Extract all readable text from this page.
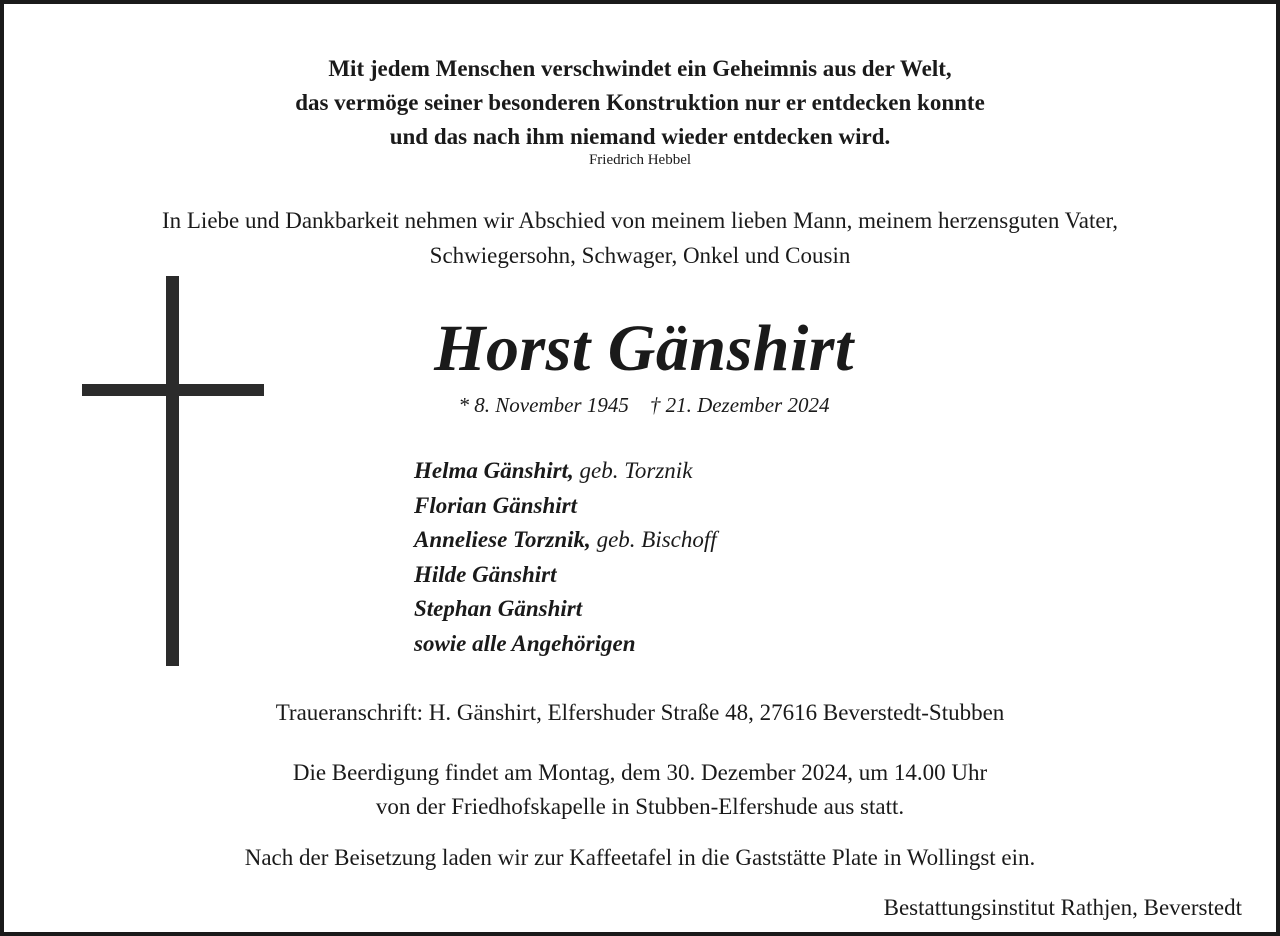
Mit jedem Menschen verschwindet ein Geheimnis aus der Welt,
das vermöge seiner besonderen Konstruktion nur er entdecken konnte
und das nach ihm niemand wieder entdecken wird.
Friedrich Hebbel
In Liebe und Dankbarkeit nehmen wir Abschied von meinem lieben Mann, meinem herzensguten Vater,
Schwiegersohn, Schwager, Onkel und Cousin
Horst Gänshirt
* 8. November 1945    † 21. Dezember 2024
Helma Gänshirt, geb. Torznik
Florian Gänshirt
Anneliese Torznik, geb. Bischoff
Hilde Gänshirt
Stephan Gänshirt
sowie alle Angehörigen
Traueranschrift: H. Gänshirt, Elfershuder Straße 48, 27616 Beverstedt-Stubben
Die Beerdigung findet am Montag, dem 30. Dezember 2024, um 14.00 Uhr
von der Friedhofskapelle in Stubben-Elfershude aus statt.
Nach der Beisetzung laden wir zur Kaffeetafel in die Gaststätte Plate in Wollingst ein.
Bestattungsinstitut Rathjen, Beverstedt
